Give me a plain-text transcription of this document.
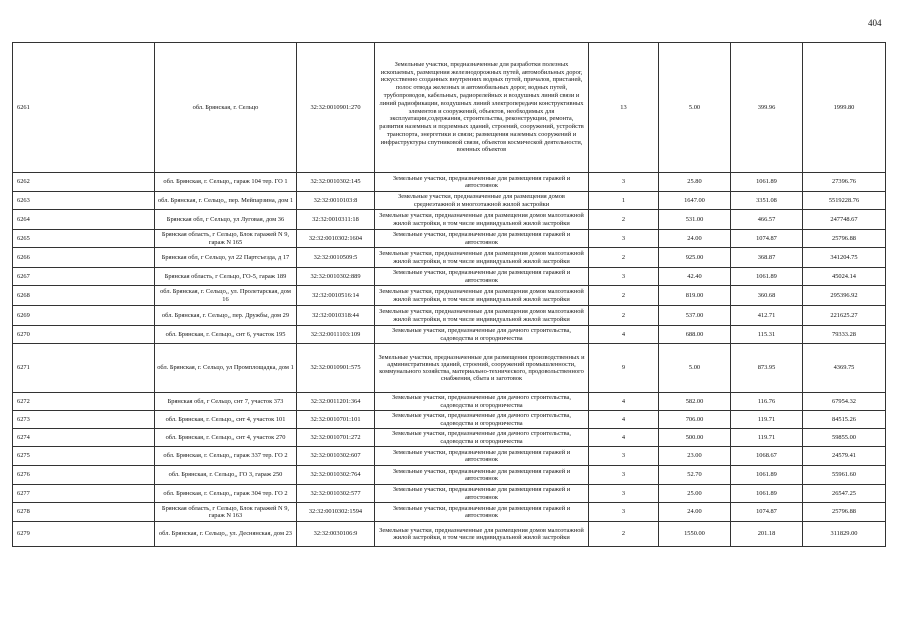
404
6261	обл. Брянская, г. Сельцо	32:32:0010901:270	Земельные участки, предназначенные для разработки полезных ископаемых, размещения железнодорожных путей, автомобильных дорог, искусственно созданных внутренних водных путей, причалов, пристаней, полос отвода железных и автомобильных дорог, водных путей, трубопроводов, кабельных, радиорелейных и воздушных линий связи и линий радиофикации, воздушных линий электропередачи конструктивных элементов и сооружений, объектов, необходимых для эксплуатации,содержания, строительства, реконструкции, ремонта, развития наземных и подземных зданий, строений, сооружений, устройств транспорта, энергетики и связи; размещения наземных сооружений и инфраструктуры спутниковой связи, объектов космической деятельности, военных объектов	13	5.00	399.96	1999.80
6262	обл. Брянская, г. Сельцо,, гараж 104 тер. ГО 1	32:32:0010302:145	Земельные участки, предназначенные для размещения гаражей и автостоянок	3	25.80	1061.89	27396.76
6263	обл. Брянская, г. Сельцо,, пер. Мейпарзина, дом 1	32:32:0010103:8	Земельные участки, предназначенные для размещения домов среднеэтажной и многоэтажной жилой застройки	1	1647.00	3351.08	5519228.76
6264	Брянская обл, г Сельцо, ул Луговая, дом 36	32:32:0010311:18	Земельные участки, предназначенные для размещения домов малоэтажной жилой застройки, в том числе индивидуальной жилой застройки	2	531.00	466.57	247748.67
6265	Брянская область, г Сельцо, Блок гаражей N 9, гараж N 165	32:32:0010302:1604	Земельные участки, предназначенные для размещения гаражей и автостоянок	3	24.00	1074.87	25796.88
6266	Брянская обл, г Сельцо, ул 22 Партсъезда, д 17	32:32:0010509:5	Земельные участки, предназначенные для размещения домов малоэтажной жилой застройки, в том числе индивидуальной жилой застройки	2	925.00	368.87	341204.75
6267	Брянская область, г Сельцо, ГО-5, гараж 189	32:32:0010302:889	Земельные участки, предназначенные для размещения гаражей и автостоянок	3	42.40	1061.89	45024.14
6268	обл. Брянская, г. Сельцо,, ул. Пролетарская, дом 16	32:32:0010516:14	Земельные участки, предназначенные для размещения домов малоэтажной жилой застройки, в том числе индивидуальной жилой застройки	2	819.00	360.68	295396.92
6269	обл. Брянская, г. Сельцо,, пер. Дружбы, дом 29	32:32:0010318:44	Земельные участки, предназначенные для размещения домов малоэтажной жилой застройки, в том числе индивидуальной жилой застройки	2	537.00	412.71	221625.27
6270	обл. Брянская, г. Сельцо,, снт 6, участок 195	32:32:0011103:109	Земельные участки, предназначенные для дачного строительства, садоводства и огородничества	4	688.00	115.31	79333.28
6271	обл. Брянская, г. Сельцо, ул Промплощадка, дом 1	32:32:0010901:575	Земельные участки, предназначенные для размещения производственных и административных зданий, строений, сооружений промышленности, коммунального хозяйства, материально-технического, продовольственного снабжения, сбыта и заготовок	9	5.00	873.95	4369.75
6272	Брянская обл, г Сельцо, снт 7, участок 373	32:32:0011201:364	Земельные участки, предназначенные для дачного строительства, садоводства и огородничества	4	582.00	116.76	67954.32
6273	обл. Брянская, г. Сельцо,, снт 4, участок 101	32:32:0010701:101	Земельные участки, предназначенные для дачного строительства, садоводства и огородничества	4	706.00	119.71	84515.26
6274	обл. Брянская, г. Сельцо,, снт 4, участок 270	32:32:0010701:272	Земельные участки, предназначенные для дачного строительства, садоводства и огородничества	4	500.00	119.71	59855.00
6275	обл. Брянская, г. Сельцо,, гараж 337 тер. ГО 2	32:32:0010302:607	Земельные участки, предназначенные для размещения гаражей и автостоянок	3	23.00	1068.67	24579.41
6276	обл. Брянская, г. Сельцо,, ГО 3, гараж 250	32:32:0010302:764	Земельные участки, предназначенные для размещения гаражей и автостоянок	3	52.70	1061.89	55961.60
6277	обл. Брянская, г. Сельцо,, гараж 304 тер. ГО 2	32:32:0010302:577	Земельные участки, предназначенные для размещения гаражей и автостоянок	3	25.00	1061.89	26547.25
6278	Брянская область, г Сельцо, Блок гаражей N 9, гараж N 163	32:32:0010302:1594	Земельные участки, предназначенные для размещения гаражей и автостоянок	3	24.00	1074.87	25796.88
6279	обл. Брянская, г. Сельцо,, ул. Деснянская, дом 23	32:32:0030106:9	Земельные участки, предназначенные для размещения домов малоэтажной жилой застройки, в том числе индивидуальной жилой застройки	2	1550.00	201.18	311829.00
